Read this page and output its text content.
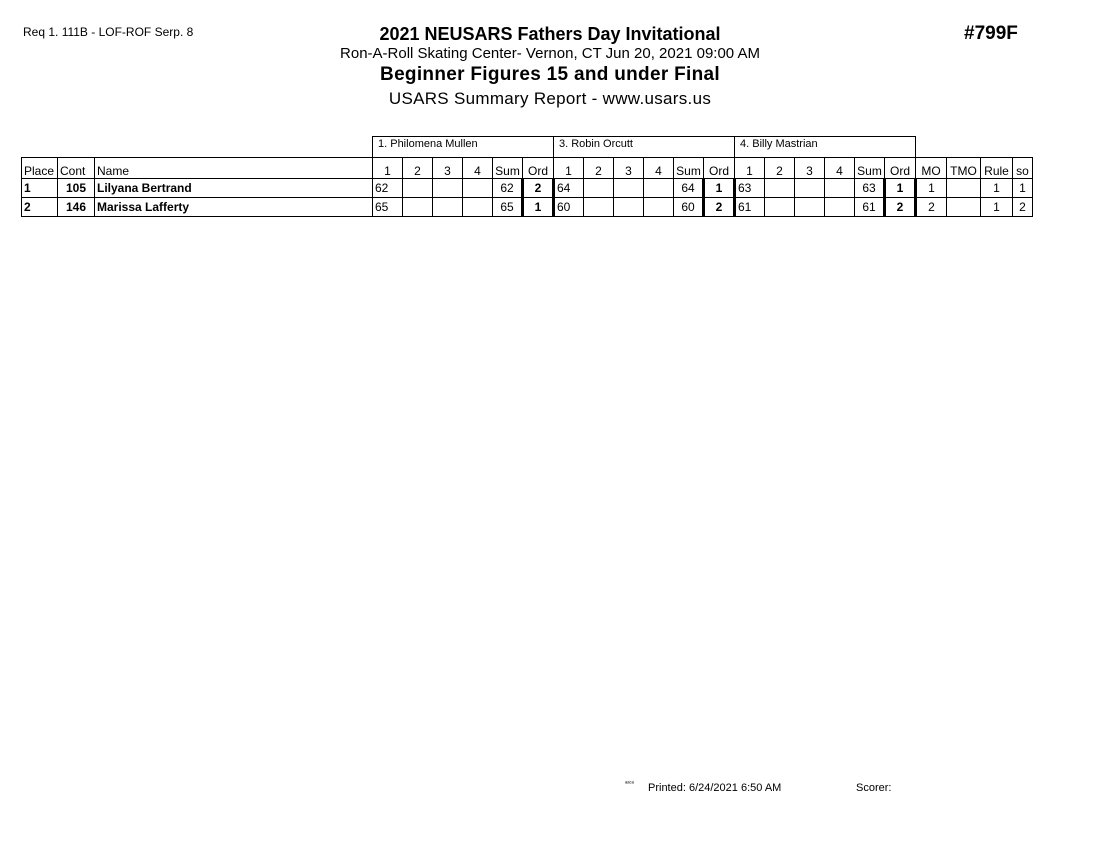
Req 1. 111B - LOF-ROF Serp. 8	#799F
2021 NEUSARS Fathers Day Invitational
Ron-A-Roll Skating Center- Vernon, CT Jun 20, 2021 09:00 AM
Beginner Figures 15 and under Final
USARS Summary Report - www.usars.us
			1. Philomena Mullen						3. Robin Orcutt						4. Billy Mastrian									
Place	Cont	Name	1	2	3	4	Sum	Ord	1	2	3	4	Sum	Ord	1	2	3	4	Sum	Ord	MO	TMO	Rule	so
1	105	Lilyana Bertrand	62				62	2	64				64	1	63				63	1	1		1	1
2	146	Marissa Lafferty	65				65	1	60				60	2	61				61	2	2		1	2
ᵃᵃᶜᵃ Printed: 6/24/2021 6:50 AM	Scorer:
